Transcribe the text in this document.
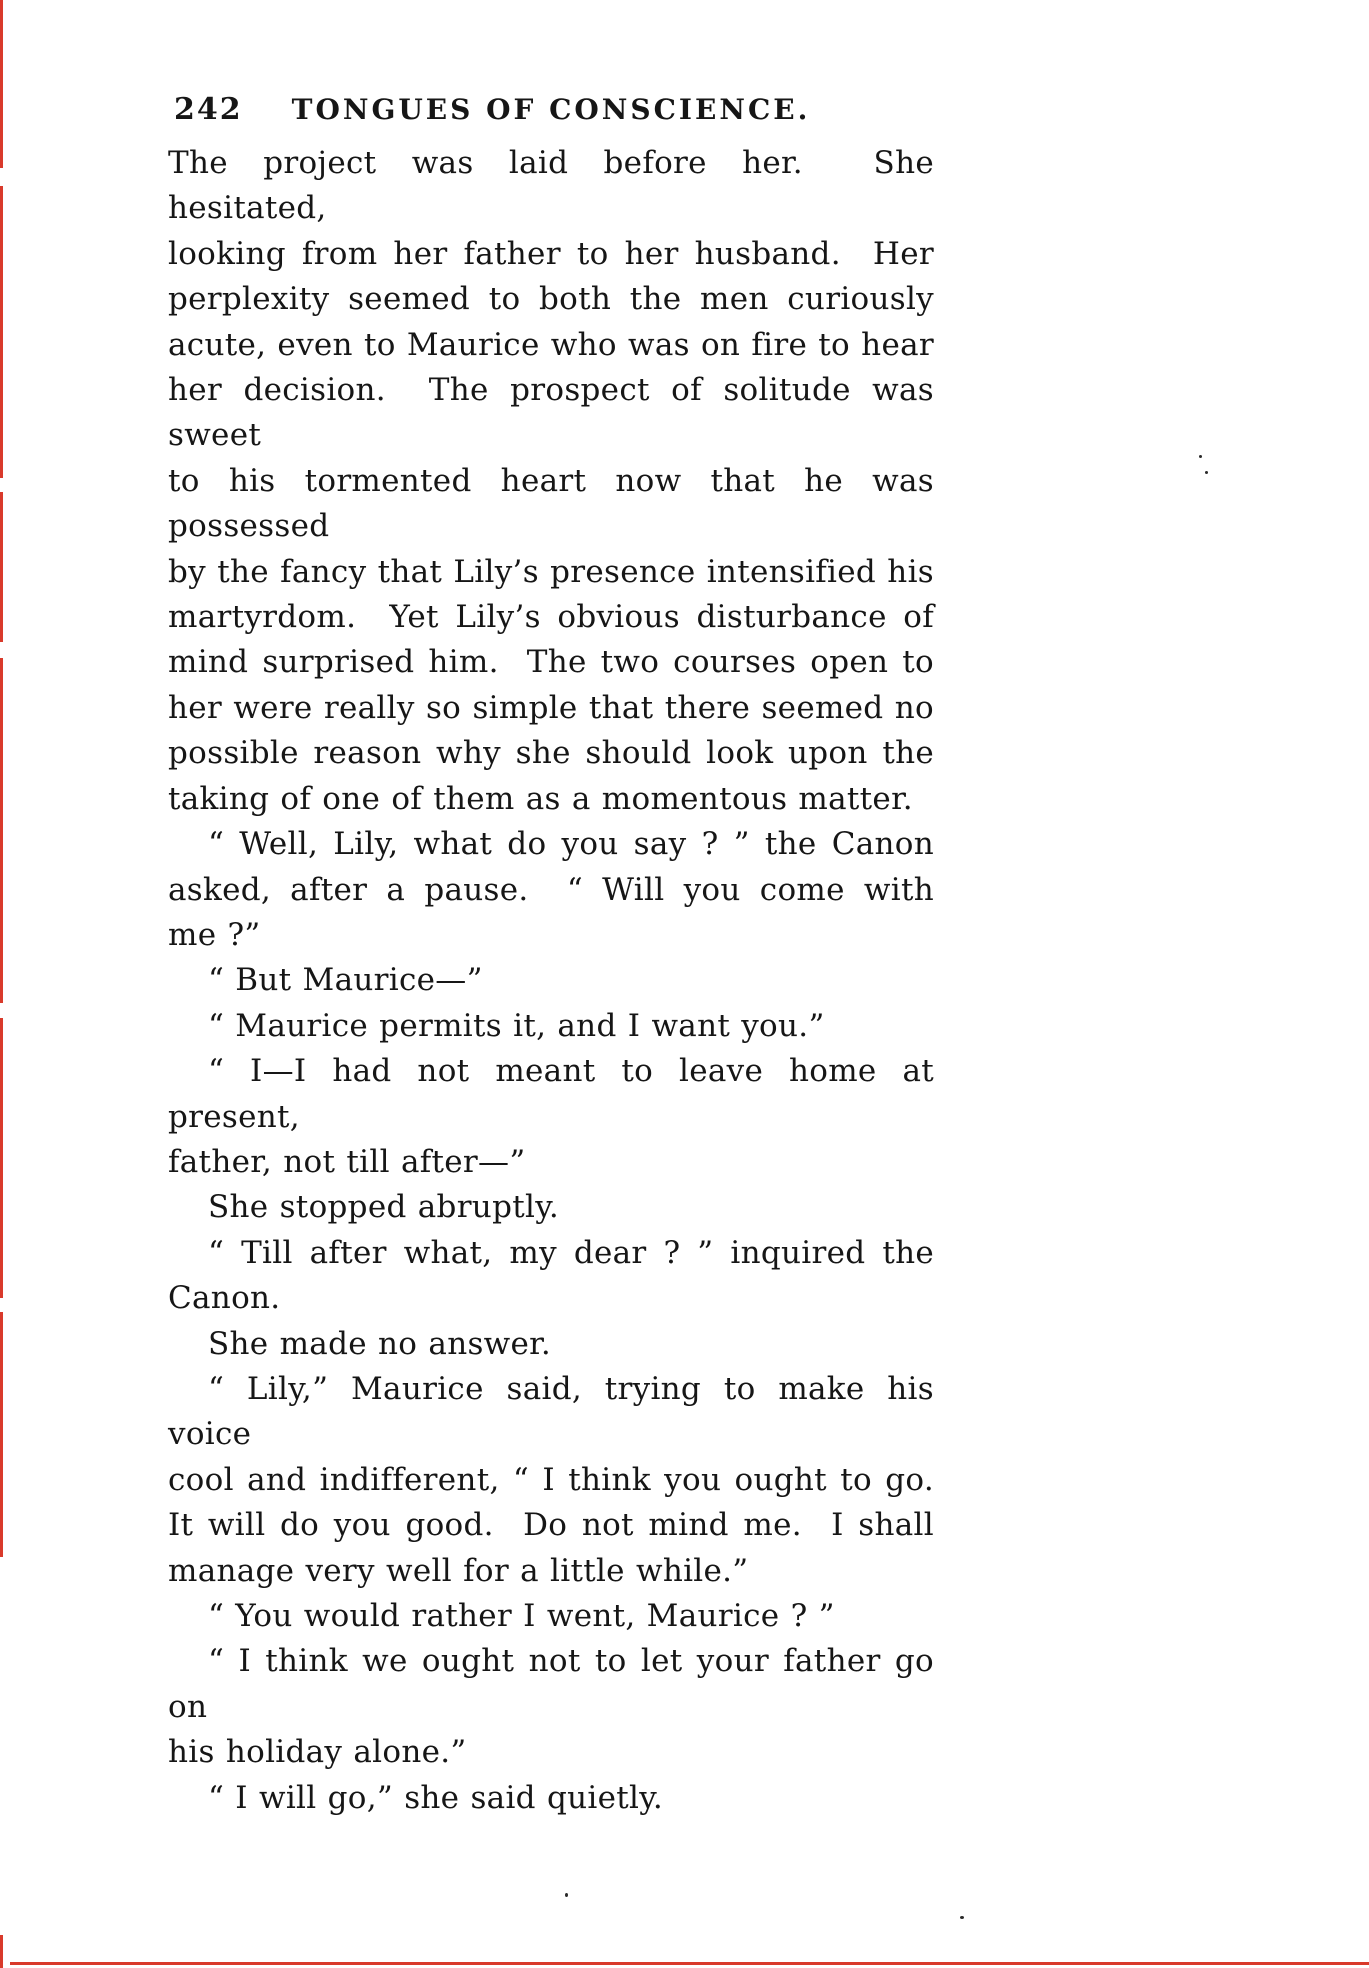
242	TONGUES OF CONSCIENCE.
The project was laid before her.  She hesitated,
looking from her father to her husband.  Her
perplexity seemed to both the men curiously
acute, even to Maurice who was on fire to hear
her decision.  The prospect of solitude was sweet
to his tormented heart now that he was possessed
by the fancy that Lily’s presence intensified his
martyrdom.  Yet Lily’s obvious disturbance of
mind surprised him.  The two courses open to
her were really so simple that there seemed no
possible reason why she should look upon the
taking of one of them as a momentous matter.
“ Well, Lily, what do you say ? ” the Canon
asked, after a pause.  “ Will you come with
me ?”
“ But Maurice—”
“ Maurice permits it, and I want you.”
“ I—I had not meant to leave home at present,
father, not till after—”
She stopped abruptly.
“ Till after what, my dear ? ” inquired the
Canon.
She made no answer.
“ Lily,” Maurice said, trying to make his voice
cool and indifferent, “ I think you ought to go.
It will do you good.  Do not mind me.  I shall
manage very well for a little while.”
“ You would rather I went, Maurice ? ”
“ I think we ought not to let your father go on
his holiday alone.”
“ I will go,” she said quietly.
